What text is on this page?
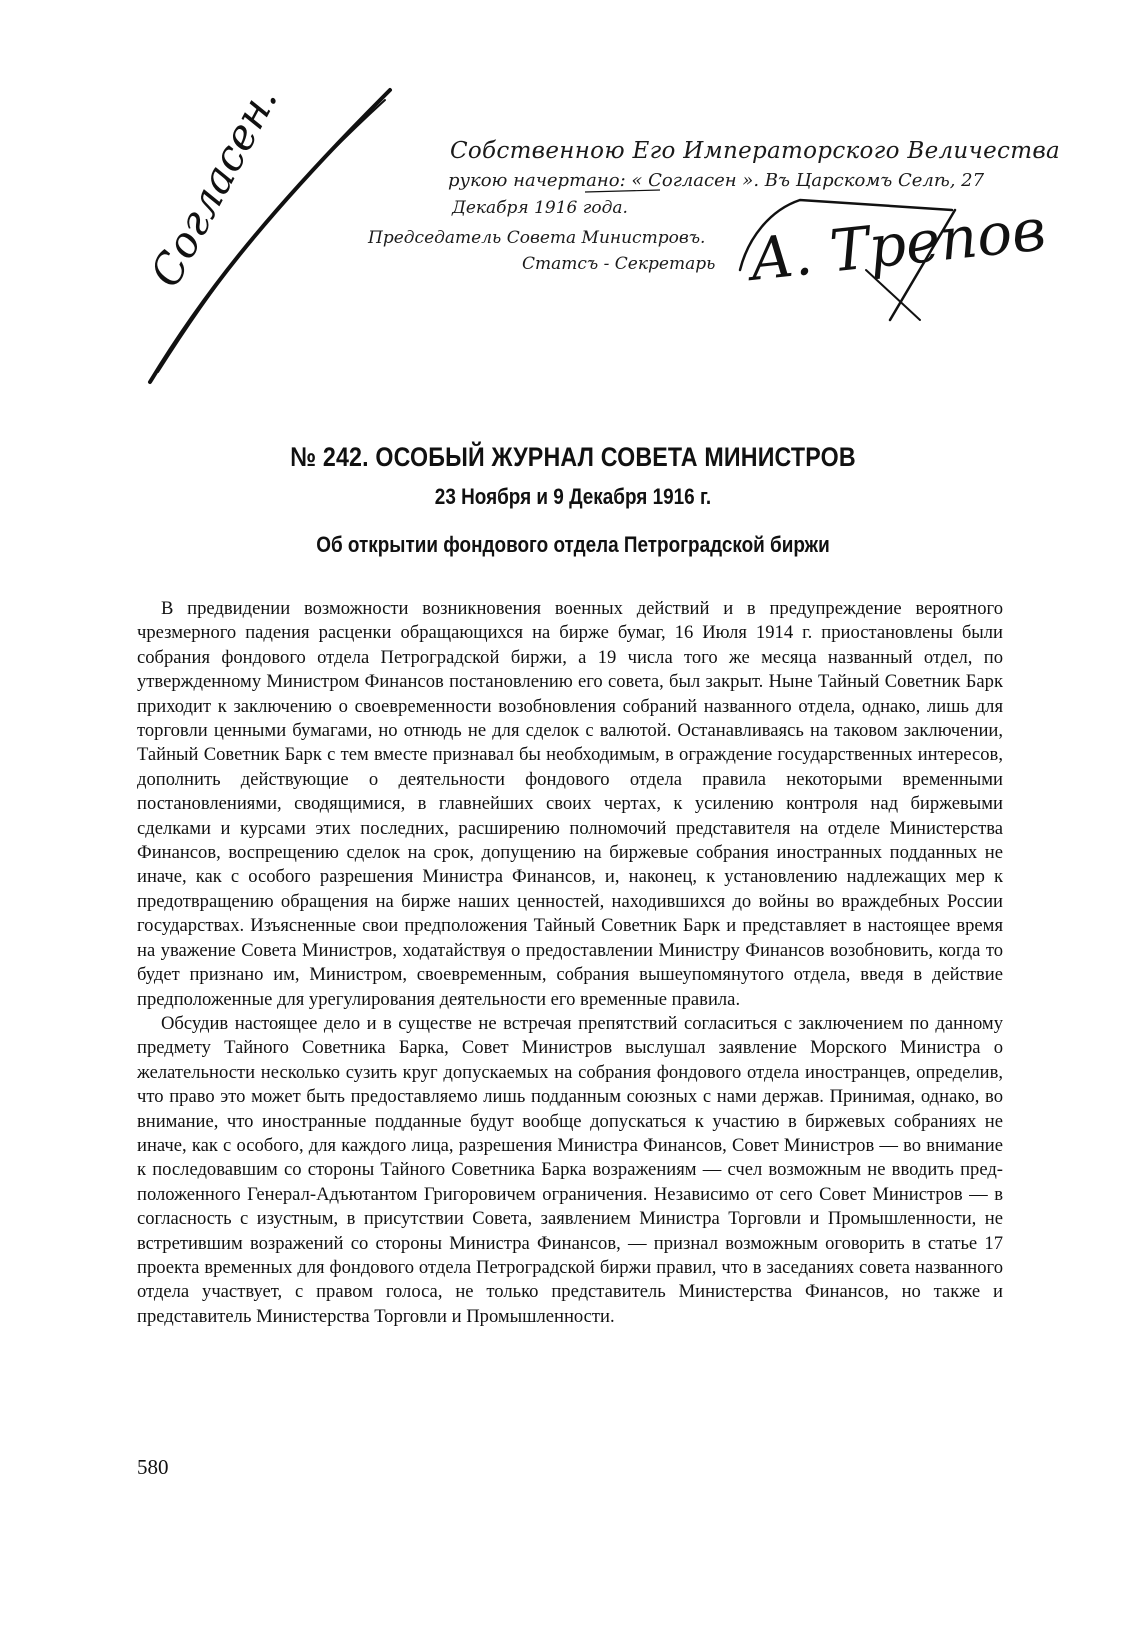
Согласен.	А. Трепов
Собственною Его Императорского Величества
рукою начертано: « Согласен ». Въ Царскомъ Селѣ, 27
Декабря 1916 года.
Председатель Совета Министровъ.
Статсъ - Секретарь
№ 242. ОСОБЫЙ ЖУРНАЛ СОВЕТА МИНИСТРОВ
23 Ноября и 9 Декабря 1916 г.
Об открытии фондового отдела Петроградской биржи

В предвидении возможности возникновения военных действий и в предупреждение вероятного чрезмерного падения расценки обращающихся на бирже бумаг, 16 Июля 1914 г. приостановлены были собрания фондового отдела Петроградской биржи, а 19 числа того же месяца названный отдел, по утвержденному Министром Финансов постановлению его совета, был закрыт. Ныне Тайный Советник Барк приходит к заключению о своевременности возобновления собраний названного отдела, однако, лишь для торговли ценными бумагами, но отнюдь не для сделок с валютой. Останавливаясь на таковом заключении, Тайный Советник Барк с тем вместе признавал бы необходимым, в ограждение государственных интересов, дополнить действующие о деятельности фондового отдела правила некоторыми временными постановлениями, сводящимися, в главнейших своих чертах, к усилению контроля над биржевыми сделками и курсами этих последних, расширению полномочий представителя на отделе Министерства Финансов, воспрещению сделок на срок, допущению на биржевые собрания иностранных подданных не иначе, как с особого разрешения Министра Финансов, и, наконец, к установлению надлежащих мер к предотвращению обращения на бирже наших ценностей, находившихся до войны во враждебных России государствах. Изъясненные свои предположения Тайный Советник Барк и представляет в настоящее время на уважение Совета Министров, ходатайствуя о предоставлении Министру Финансов возобновить, когда то будет признано им, Министром, своевременным, собрания вышеупомянутого отдела, введя в действие предположенные для урегулирования деятельности его временные правила.

Обсудив настоящее дело и в существе не встречая препятствий согласиться с заключением по данному предмету Тайного Советника Барка, Совет Министров выслушал заявление Морского Министра о желательности несколько сузить круг допускаемых на собрания фондового отдела иностранцев, определив, что право это может быть предоставляемо лишь подданным союзных с нами держав. Принимая, однако, во внимание, что иностранные подданные будут вообще допускаться к участию в биржевых собраниях не иначе, как с особого, для каждого лица, разрешения Министра Финансов, Совет Министров — во внимание к последовавшим со стороны Тайного Советника Барка возражениям — счел возможным не вводить предположенного Генерал-Адъютантом Григоровичем ограничения. Независимо от сего Совет Министров — в согласность с изустным, в присутствии Совета, заявлением Министра Торговли и Промышленности, не встретившим возражений со стороны Министра Финансов, — признал возможным оговорить в статье 17 проекта временных для фондового отдела Петроградской биржи правил, что в заседаниях совета названного отдела участвует, с правом голоса, не только представитель Министерства Финансов, но также и представитель Министерства Торговли и Промышленности.

580
